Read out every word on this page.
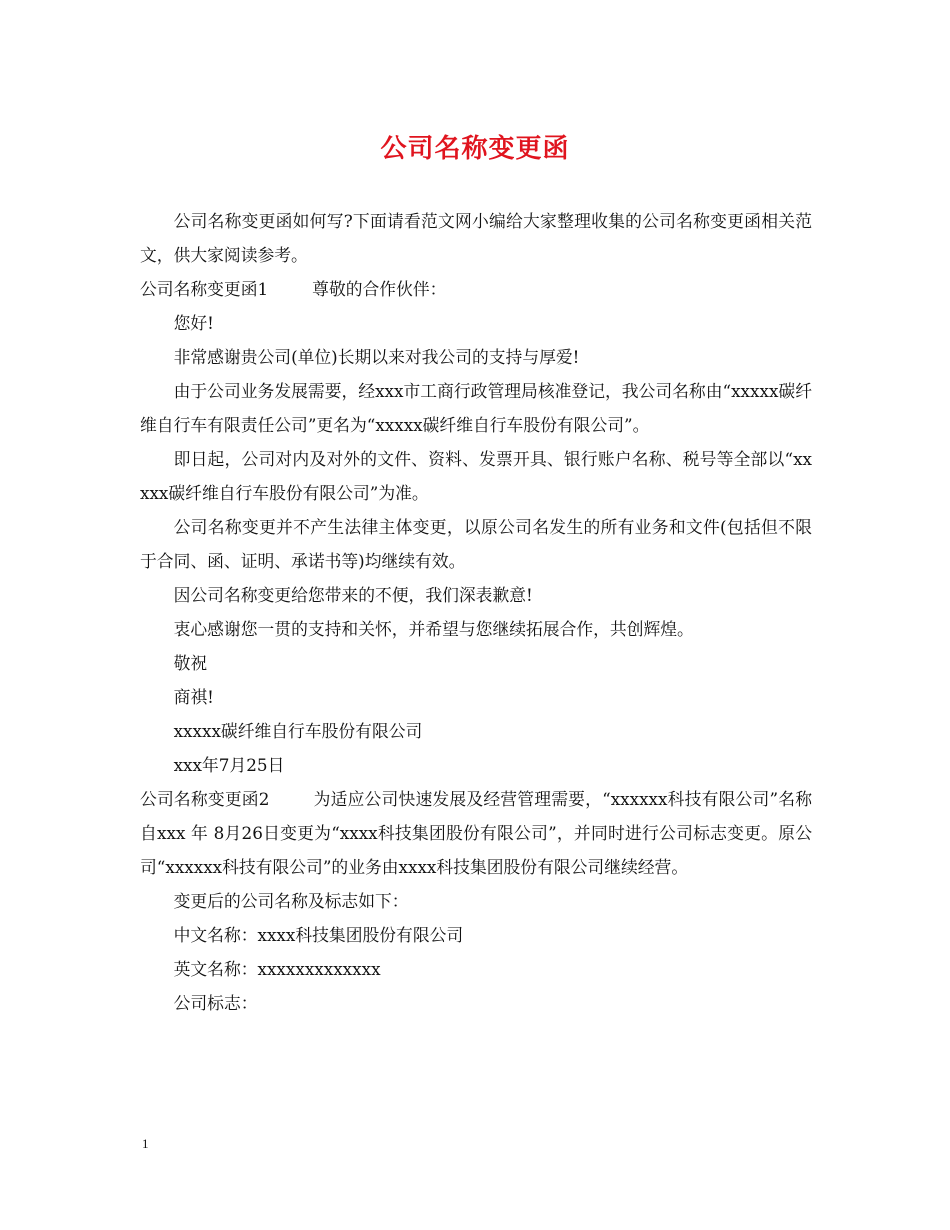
公司名称变更函

公司名称变更函如何写?下面请看范文网小编给大家整理收集的公司名称变更函相关范文，供大家阅读参考。

公司名称变更函1	尊敬的合作伙伴：

您好!

非常感谢贵公司(单位)长期以来对我公司的支持与厚爱!

由于公司业务发展需要，经xxx市工商行政管理局核准登记，我公司名称由“xxxxx碳纤维自行车有限责任公司”更名为“xxxxx碳纤维自行车股份有限公司”。

即日起，公司对内及对外的文件、资料、发票开具、银行账户名称、税号等全部以“xxxxx碳纤维自行车股份有限公司”为准。

公司名称变更并不产生法律主体变更，以原公司名发生的所有业务和文件(包括但不限于合同、函、证明、承诺书等)均继续有效。

因公司名称变更给您带来的不便，我们深表歉意!

衷心感谢您一贯的支持和关怀，并希望与您继续拓展合作，共创辉煌。

敬祝

商祺!

xxxxx碳纤维自行车股份有限公司

xxx年7月25日

公司名称变更函2	为适应公司快速发展及经营管理需要，“xxxxxx科技有限公司”名称自xxx 年 8月26日变更为“xxxx科技集团股份有限公司”，并同时进行公司标志变更。原公司“xxxxxx科技有限公司”的业务由xxxx科技集团股份有限公司继续经营。

变更后的公司名称及标志如下：

中文名称：xxxx科技集团股份有限公司

英文名称：xxxxxxxxxxxxx

公司标志：

1
